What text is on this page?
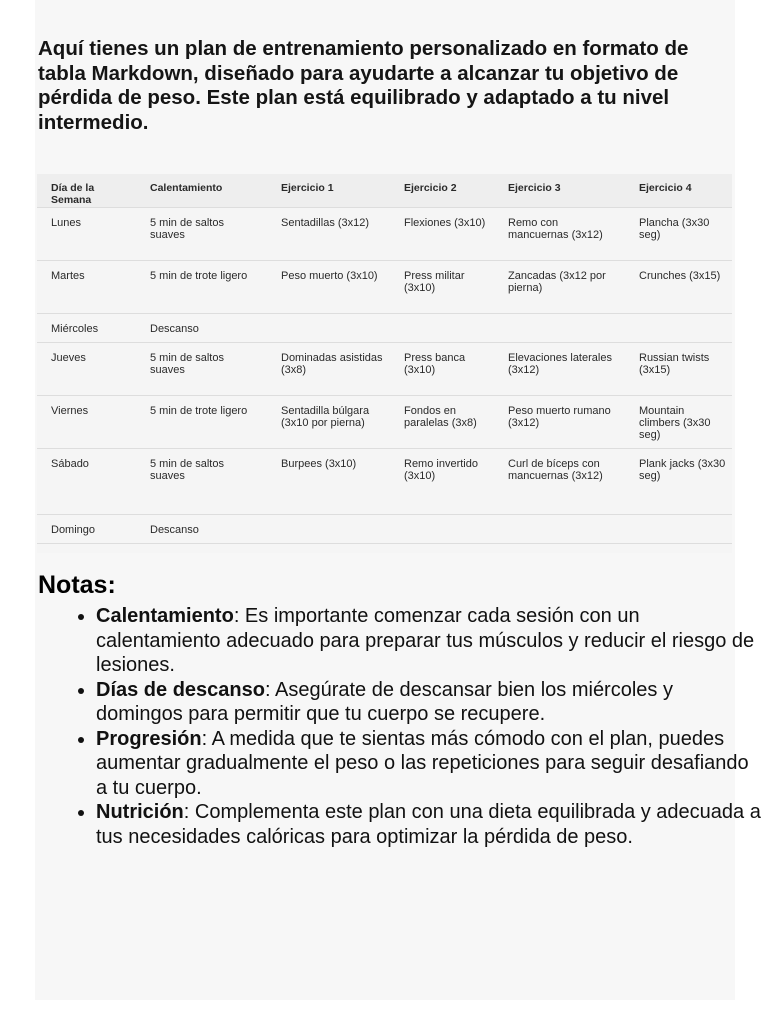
Aquí tienes un plan de entrenamiento personalizado en formato de tabla Markdown, diseñado para ayudarte a alcanzar tu objetivo de pérdida de peso. Este plan está equilibrado y adaptado a tu nivel intermedio.

Día de la Semana	Calentamiento	Ejercicio 1	Ejercicio 2	Ejercicio 3	Ejercicio 4
Lunes	5 min de saltos suaves	Sentadillas (3x12)	Flexiones (3x10)	Remo con mancuernas (3x12)	Plancha (3x30 seg)
Martes	5 min de trote ligero	Peso muerto (3x10)	Press militar (3x10)	Zancadas (3x12 por pierna)	Crunches (3x15)
Miércoles	Descanso				
Jueves	5 min de saltos suaves	Dominadas asistidas (3x8)	Press banca (3x10)	Elevaciones laterales (3x12)	Russian twists (3x15)
Viernes	5 min de trote ligero	Sentadilla búlgara (3x10 por pierna)	Fondos en paralelas (3x8)	Peso muerto rumano (3x12)	Mountain climbers (3x30 seg)
Sábado	5 min de saltos suaves	Burpees (3x10)	Remo invertido (3x10)	Curl de bíceps con mancuernas (3x12)	Plank jacks (3x30 seg)
Domingo	Descanso				
Notas:
• Calentamiento: Es importante comenzar cada sesión con un calentamiento adecuado para preparar tus músculos y reducir el riesgo de lesiones.
• Días de descanso: Asegúrate de descansar bien los miércoles y domingos para permitir que tu cuerpo se recupere.
• Progresión: A medida que te sientas más cómodo con el plan, puedes aumentar gradualmente el peso o las repeticiones para seguir desafiando a tu cuerpo.
• Nutrición: Complementa este plan con una dieta equilibrada y adecuada a tus necesidades calóricas para optimizar la pérdida de peso.
